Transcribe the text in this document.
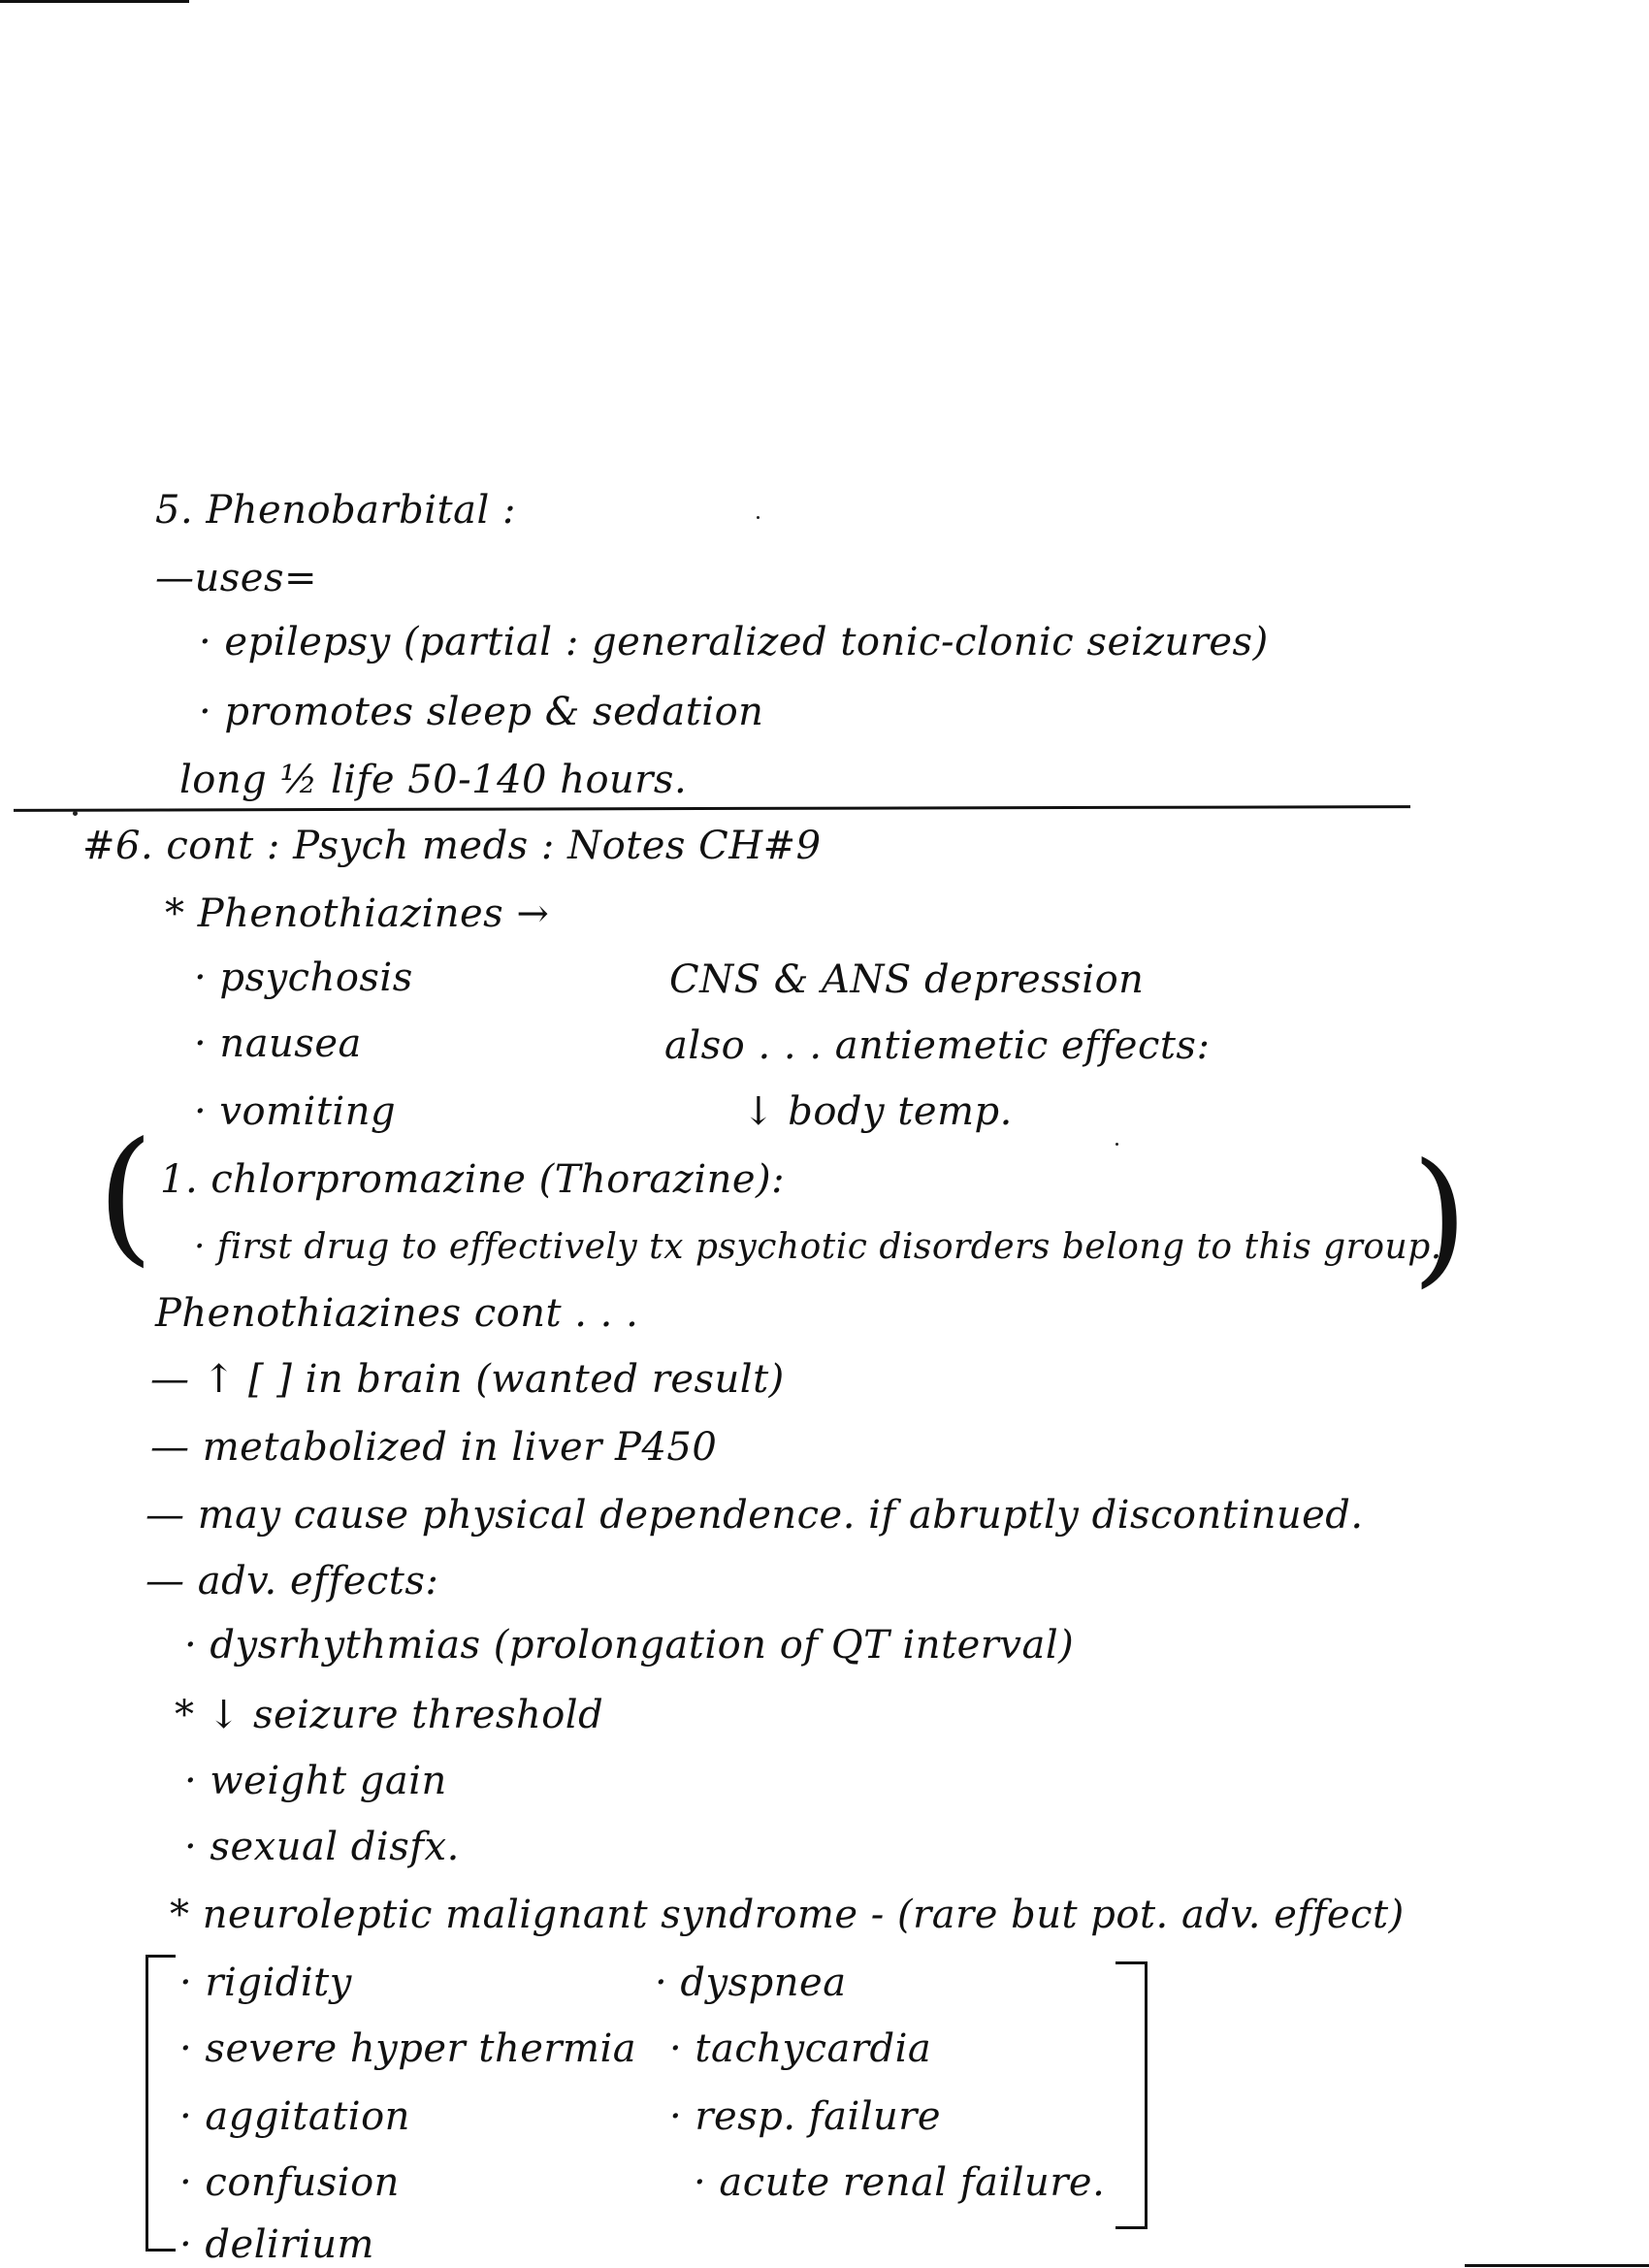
5. Phenobarbital :
—uses=
· epilepsy (partial : generalized tonic-clonic seizures)
· promotes sleep & sedation
long ½ life 50-140 hours.
#6. cont : Psych meds : Notes CH#9
* Phenothiazines →
· psychosis
· nausea
· vomiting
CNS & ANS depression
also . . . antiemetic effects:
↓ body temp.
(	)
1. chlorpromazine (Thorazine):
· first drug to effectively tx psychotic disorders belong to this group.
Phenothiazines cont . . .
— ↑ [ ] in brain (wanted result)
— metabolized in liver P450
— may cause physical dependence. if abruptly discontinued.
— adv. effects:
· dysrhythmias (prolongation of QT interval)
* ↓ seizure threshold
· weight gain
· sexual disfx.
* neuroleptic malignant syndrome - (rare but pot. adv. effect)
· rigidity
· severe hyper thermia
· aggitation
· confusion
· delirium
· dyspnea
· tachycardia
· resp. failure
· acute renal failure.
